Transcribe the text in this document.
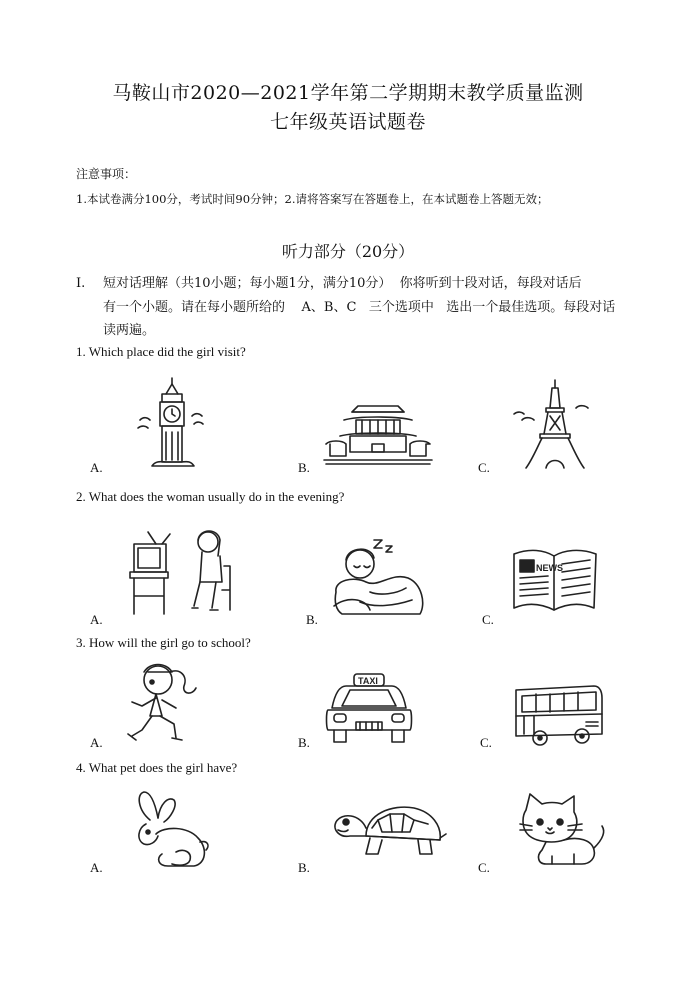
马鞍山市2020—2021学年第二学期期末教学质量监测
七年级英语试题卷
注意事项：
1.本试卷满分100分，考试时间90分钟；2.请将答案写在答题卷上，在本试题卷上答题无效；
听力部分（20分）
Ⅰ.	短对话理解（共10小题；每小题1分，满分10分）  你将听到十段对话，每段对话后
有一个小题。请在每小题所给的    A、B、C   三个选项中   选出一个最佳选项。每段对话
读两遍。
1. Which place did the girl visit?
A.	B.	C.
2. What does the woman usually do in the evening?
A.	B.	C.
NEWS
3. How will the girl go to school?
A.	B.	C.
TAXI
4. What pet does the girl have?
A.	B.	C.
